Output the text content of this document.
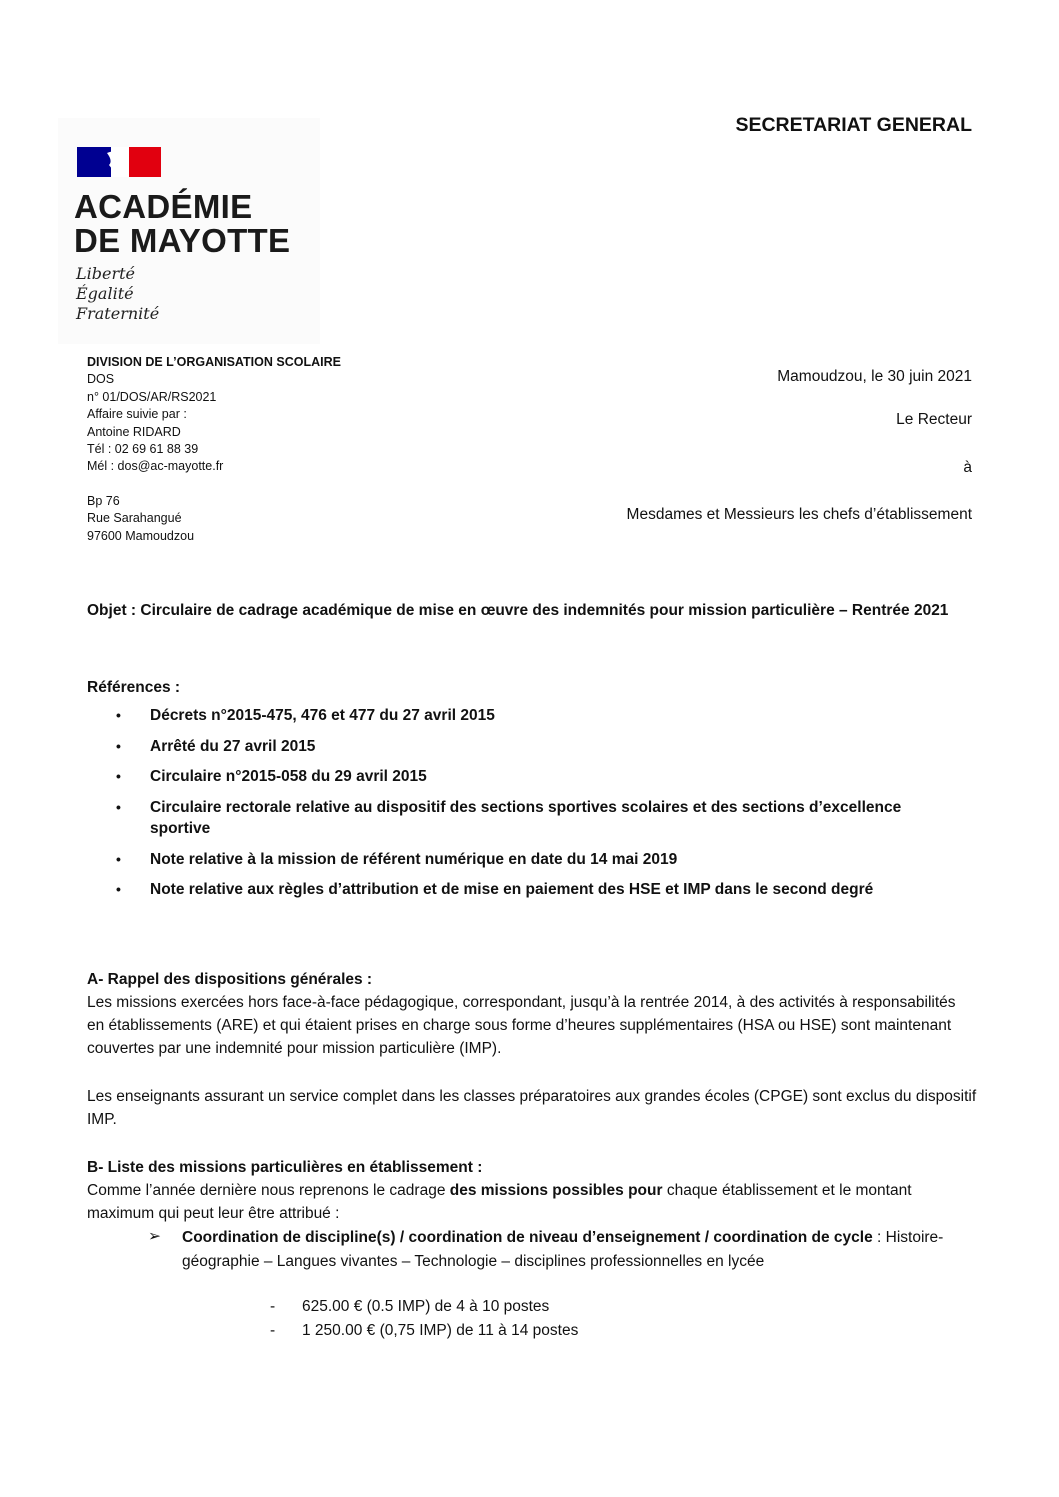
SECRETARIAT GENERAL
ACADÉMIE
DE MAYOTTE
Liberté
Égalité
Fraternité
DIVISION DE L’ORGANISATION SCOLAIRE
DOS
n° 01/DOS/AR/RS2021
Affaire suivie par :
Antoine RIDARD
Tél : 02 69 61 88 39
Mél : dos@ac-mayotte.fr
Bp 76
Rue Sarahangué
97600 Mamoudzou
Mamoudzou, le 30 juin 2021
Le Recteur
à
Mesdames et Messieurs les chefs d’établissement
Objet : Circulaire de cadrage académique de mise en œuvre des indemnités pour mission particulière – Rentrée 2021
Références :
• Décrets n°2015-475, 476 et 477 du 27 avril 2015
• Arrêté du 27 avril 2015
• Circulaire n°2015-058 du 29 avril 2015
• Circulaire rectorale relative au dispositif des sections sportives scolaires et des sections d’excellence sportive
• Note relative à la mission de référent numérique en date du 14 mai 2019
• Note relative aux règles d’attribution et de mise en paiement des HSE et IMP dans le second degré
A- Rappel des dispositions générales :
Les missions exercées hors face-à-face pédagogique, correspondant, jusqu’à la rentrée 2014, à des activités à responsabilités en établissements (ARE) et qui étaient prises en charge sous forme d’heures supplémentaires (HSA ou HSE) sont maintenant couvertes par une indemnité pour mission particulière (IMP).
Les enseignants assurant un service complet dans les classes préparatoires aux grandes écoles (CPGE) sont exclus du dispositif IMP.
B- Liste des missions particulières en établissement :
Comme l’année dernière nous reprenons le cadrage des missions possibles pour chaque établissement et le montant maximum qui peut leur être attribué :
➢ Coordination de discipline(s) / coordination de niveau d’enseignement / coordination de cycle : Histoire-géographie – Langues vivantes – Technologie – disciplines professionnelles en lycée
- 625.00 € (0.5 IMP) de 4 à 10 postes
- 1 250.00 € (0,75 IMP) de 11 à 14 postes
